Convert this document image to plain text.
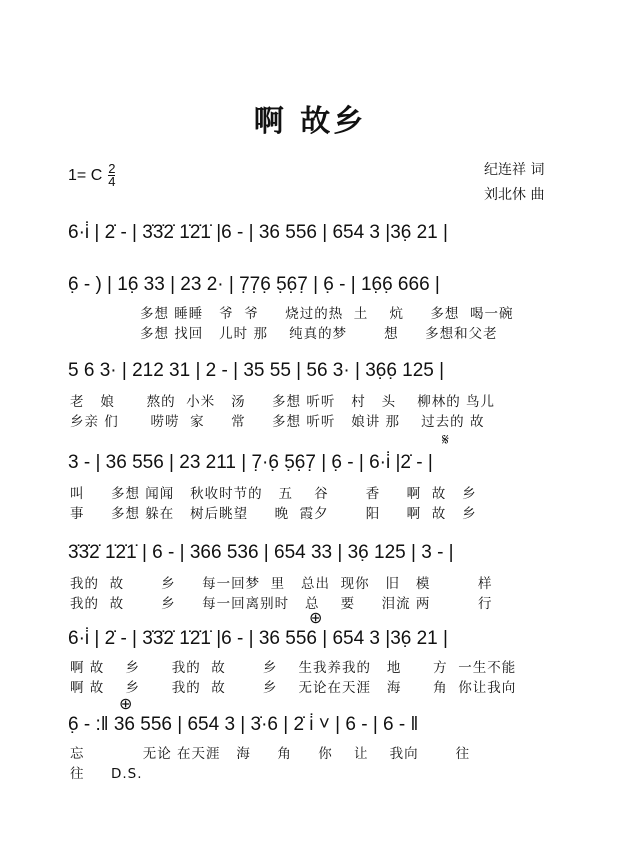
啊 故乡
1= C $\frac{2}{4}$	纪连祥 词
刘北休 曲
6·i̇ | 2̇ - | 3̇3̇2̇ 1̇2̇1̇ |6 - | 36 556 | 654 3 |36̣ 21 |
6̣ - ) | 16̣ 33 | 23 2· | 7̣7̣6̣ 5̣6̣7̣ | 6̣ - | 16̣6̣ 666 |
多想 睡睡   爷  爷     烧过的热  土    炕     多想  喝一碗
多想 找回   儿时 那    纯真的梦       想     多想和父老
5 6 3· | 212 31 | 2 - | 35 55 | 56 3· | 36̣6̣ 125 |
老   娘      熬的  小米   汤     多想 听听   村   头    柳林的 鸟儿
乡亲 们      唠唠  家     常     多想 听听   娘讲 那    过去的 故
𝄋
3 - | 36 556 | 23 211 | 7̣·6̣ 5̣6̣7̣ | 6̣ - | 6·i̇ |2̇ - |
叫     多想 闻闻   秋收时节的   五    谷       香     啊  故   乡
事     多想 躲在   树后眺望     晚  霞夕       阳     啊  故   乡
3̇3̇2̇ 1̇2̇1̇ | 6 - | 366 536 | 654 33 | 36̣ 125 | 3 - |
我的  故       乡     每一回梦  里   总出  现你   旧   模         样
我的  故       乡     每一回离别时   总    要     泪流 两         行
⊕
6·i̇ | 2̇ - | 3̇3̇2̇ 1̇2̇1̇ |6 - | 36 556 | 654 3 |36̣ 21 |
啊 故    乡      我的  故       乡    生我养我的   地      方  一生不能
啊 故    乡      我的  故       乡    无论在天涯   海      角  你让我向
⊕
6̣ - :‖ 36 556 | 654 3 | 3̇·6 | 2̇ i̇ ˅ | 6 - | 6 - ‖
忘           无论 在天涯   海     角     你    让    我向       往
往     D.S.
